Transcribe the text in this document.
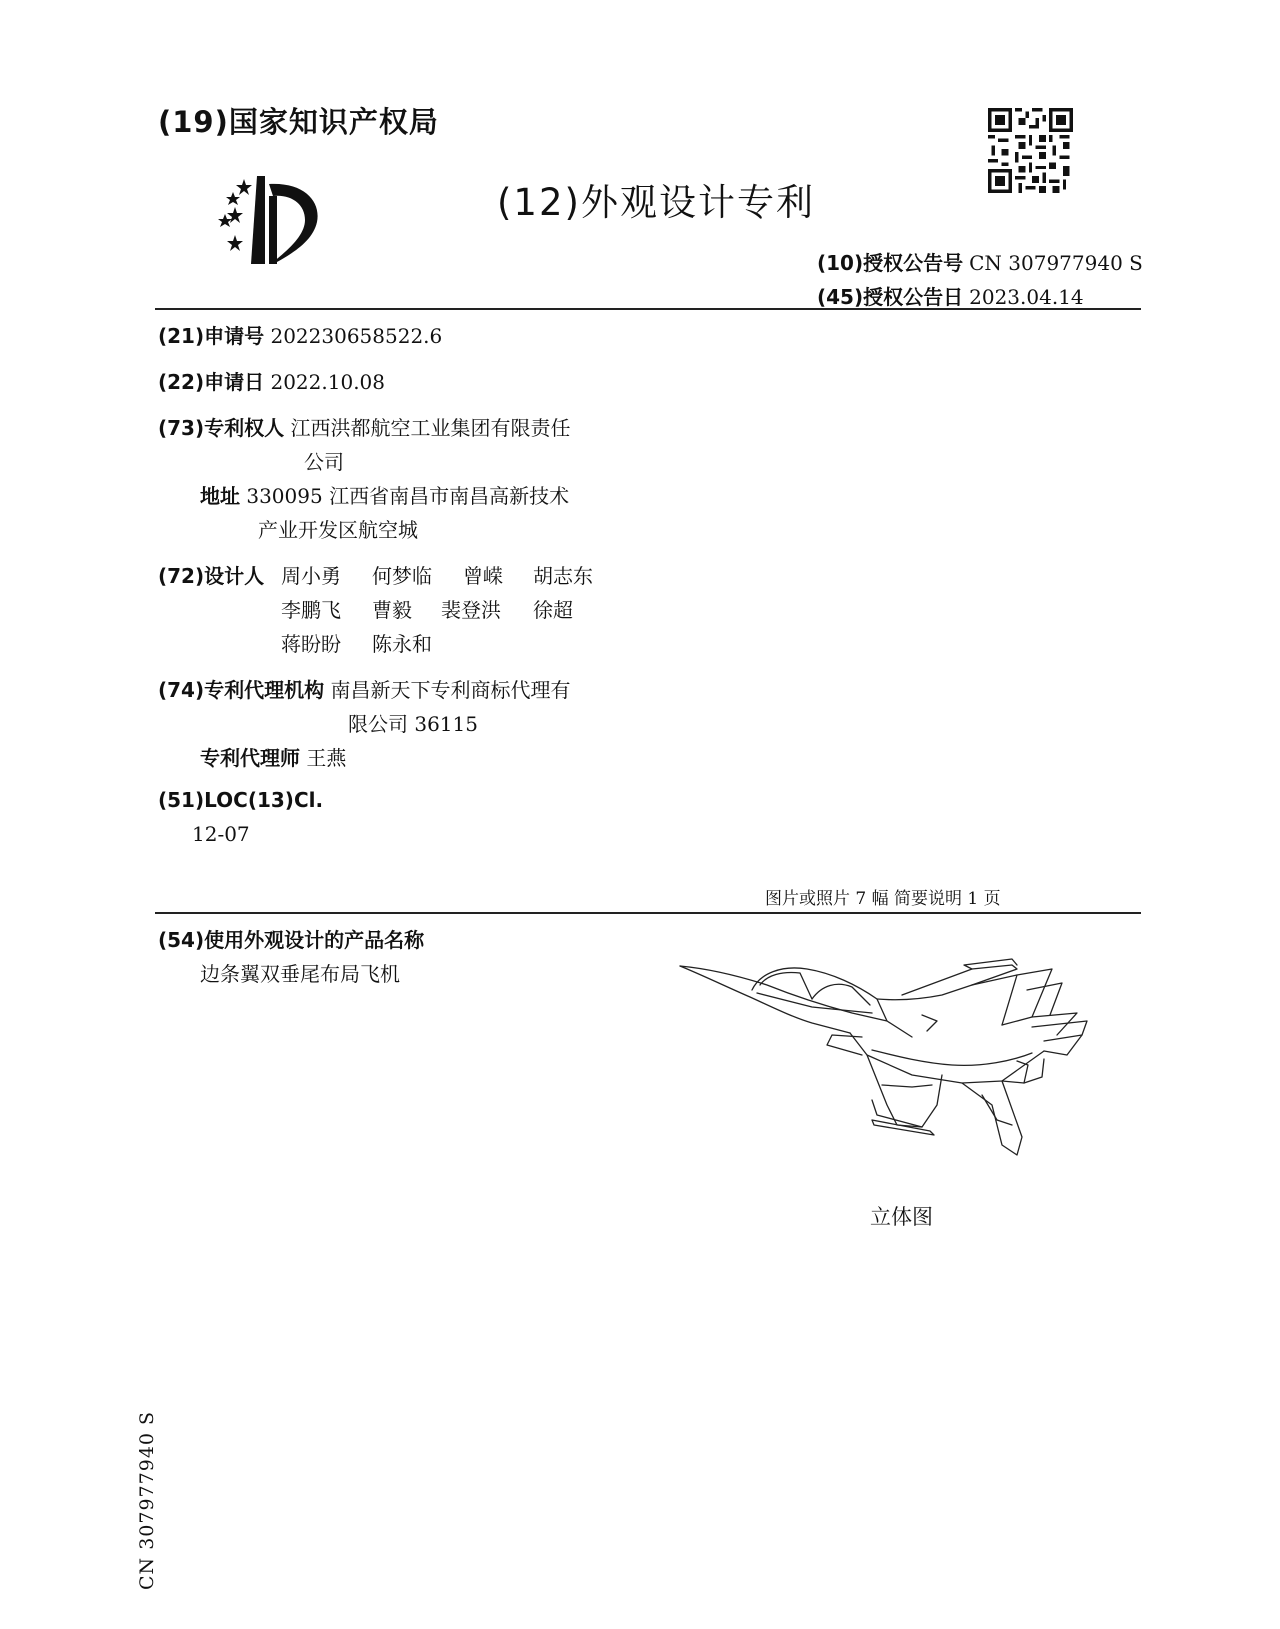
(19)国家知识产权局
(12)外观设计专利
(10)授权公告号 CN 307977940 S
(45)授权公告日 2023.04.14
(21)申请号 202230658522.6
(22)申请日 2022.10.08
(73)专利权人 江西洪都航空工业集团有限责任
公司
地址 330095 江西省南昌市南昌高新技术
产业开发区航空城
(72)设计人 周小勇 何梦临 曾嵘 胡志东
李鹏飞 曹毅 裴登洪 徐超
蒋盼盼 陈永和
(74)专利代理机构 南昌新天下专利商标代理有
限公司 36115
专利代理师 王燕
(51)LOC(13)Cl.
12-07
图片或照片 7 幅 简要说明 1 页
(54)使用外观设计的产品名称
边条翼双垂尾布局飞机
立体图
CN 307977940 S
